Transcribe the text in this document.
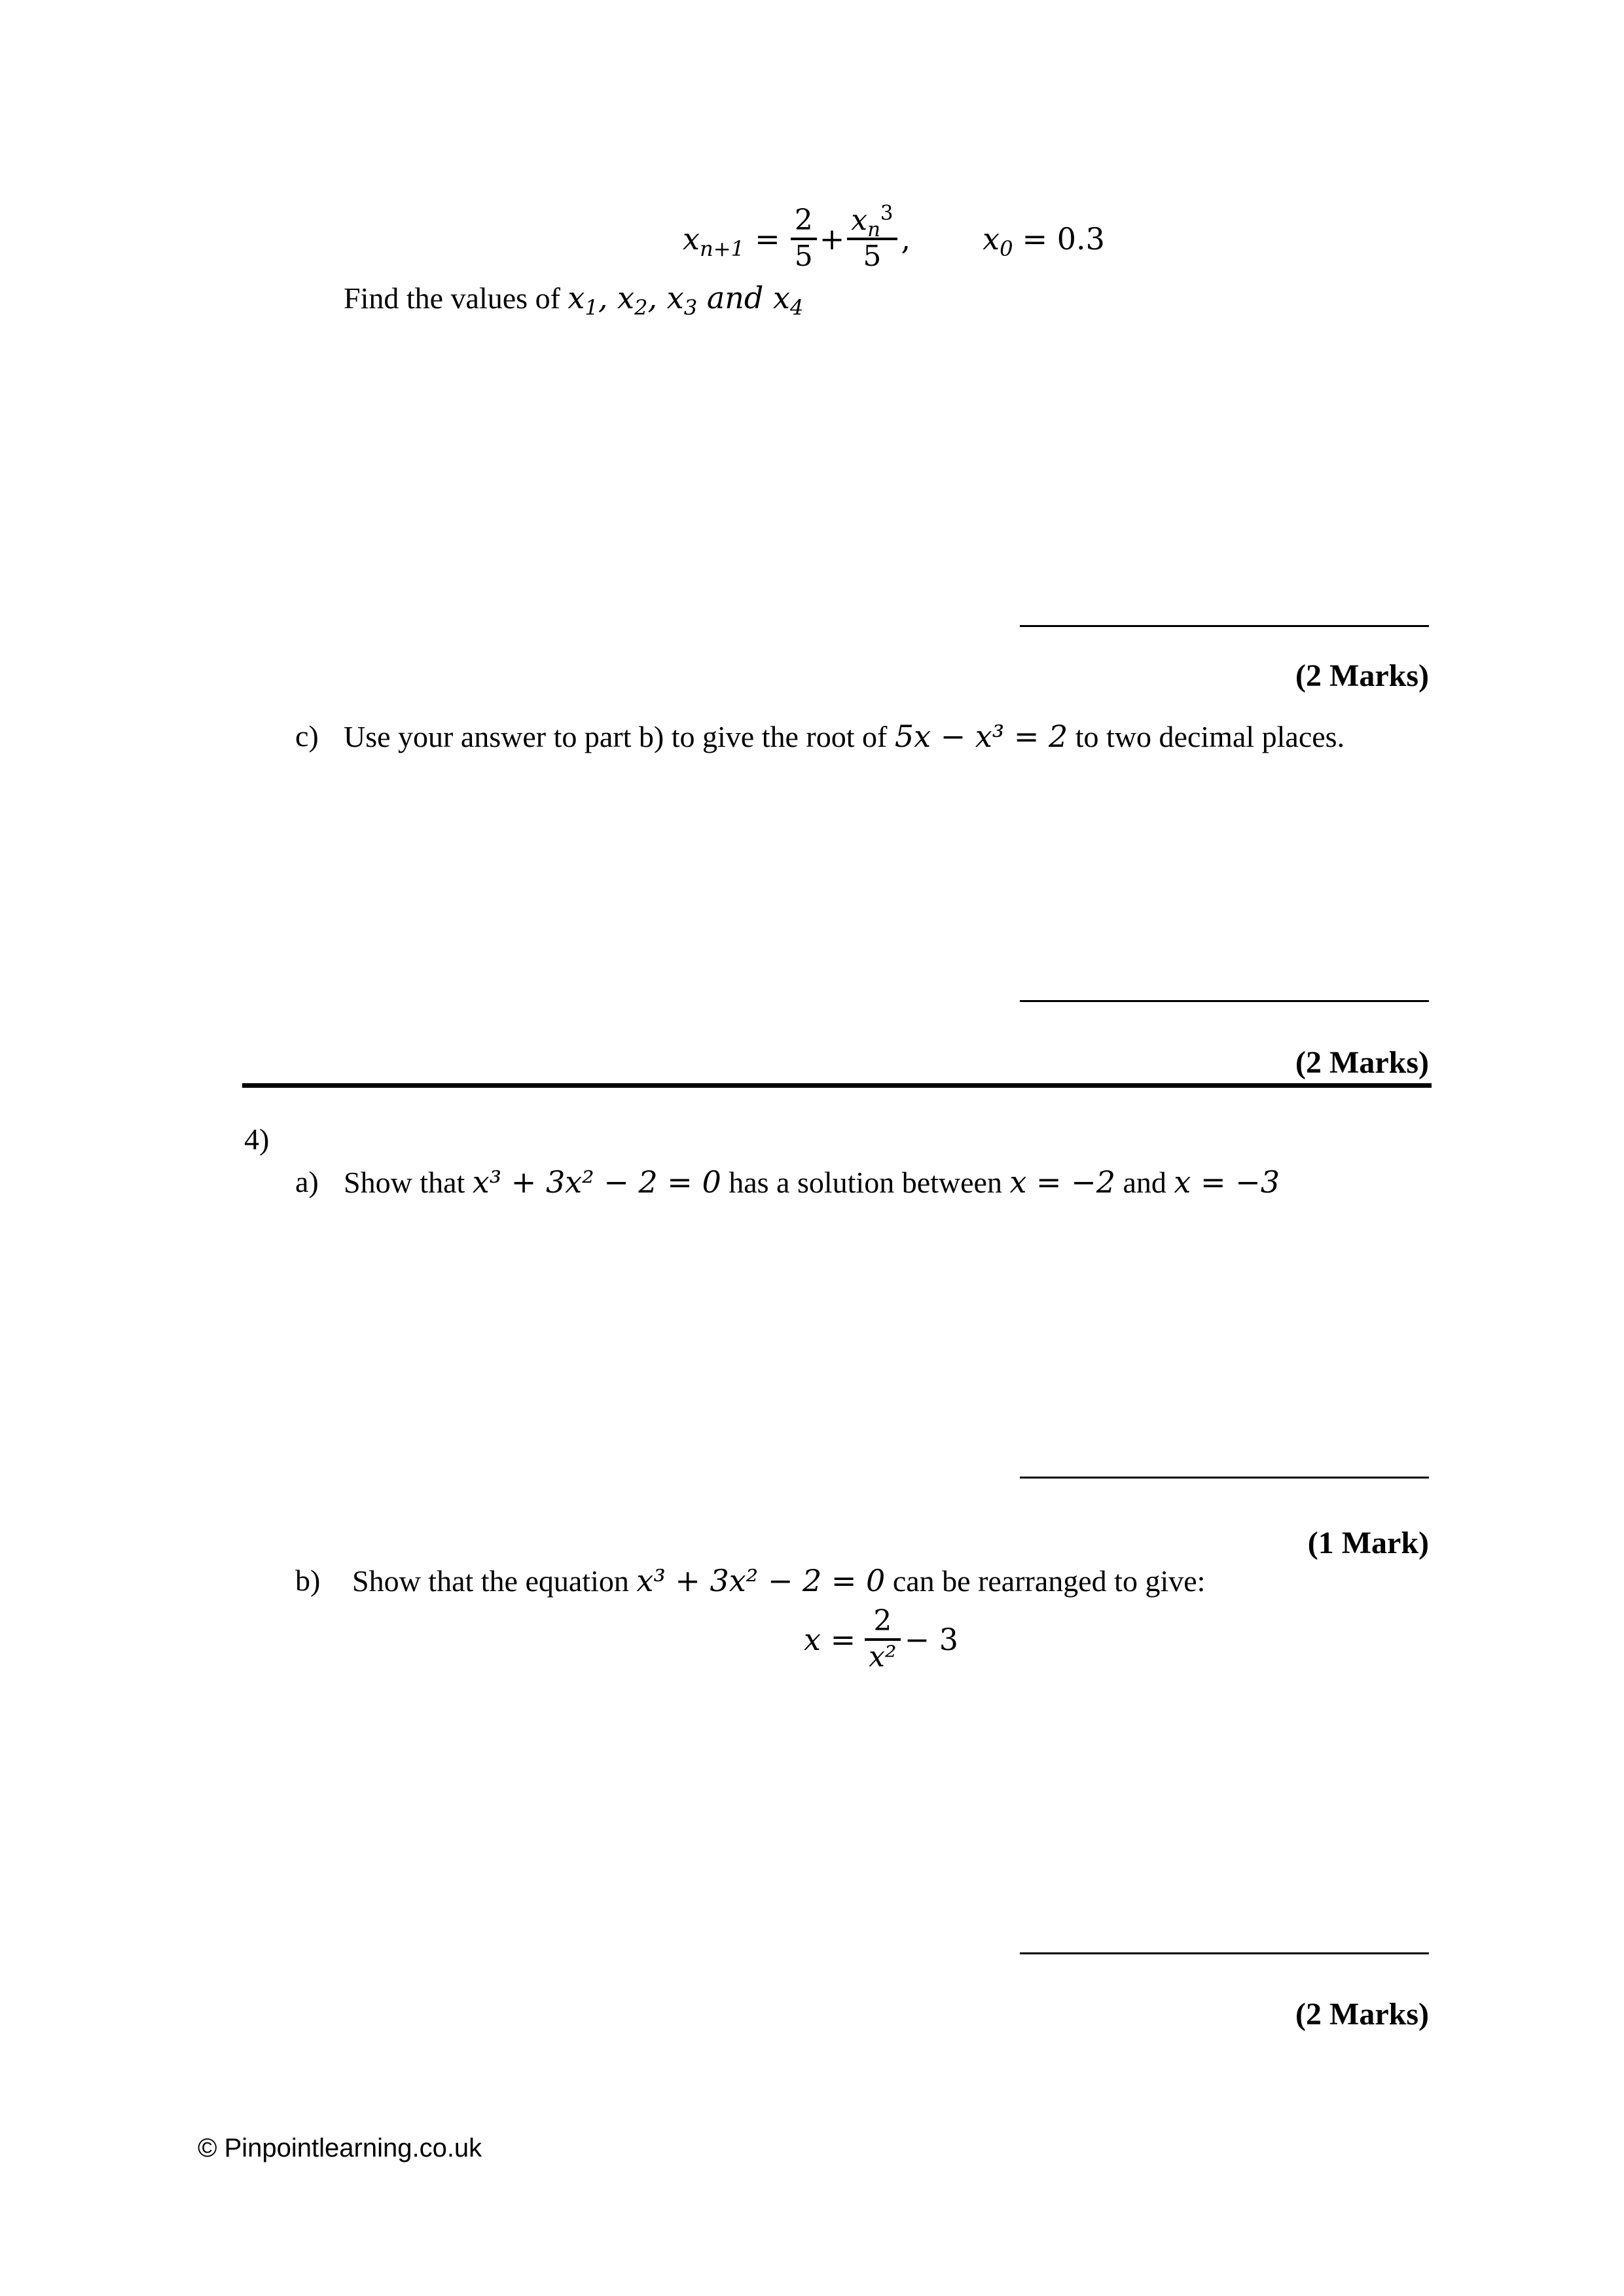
$x_{n+1} = \frac{2}{5} + \frac{x_n^3}{5}$ , $x_0 = 0.3$
Find the values of $x_1$, $x_2$, $x_3$ and $x_4$
(2 Marks)
c) Use your answer to part b) to give the root of 5x − x³ = 2 to two decimal places.
(2 Marks)
4)
a) Show that x³ + 3x² − 2 = 0 has a solution between x = −2 and x = −3
(1 Mark)
b) Show that the equation x³ + 3x² − 2 = 0 can be rearranged to give:
$x = \frac{2}{\text{x²}} - 3$
(2 Marks)
© Pinpointlearning.co.uk
